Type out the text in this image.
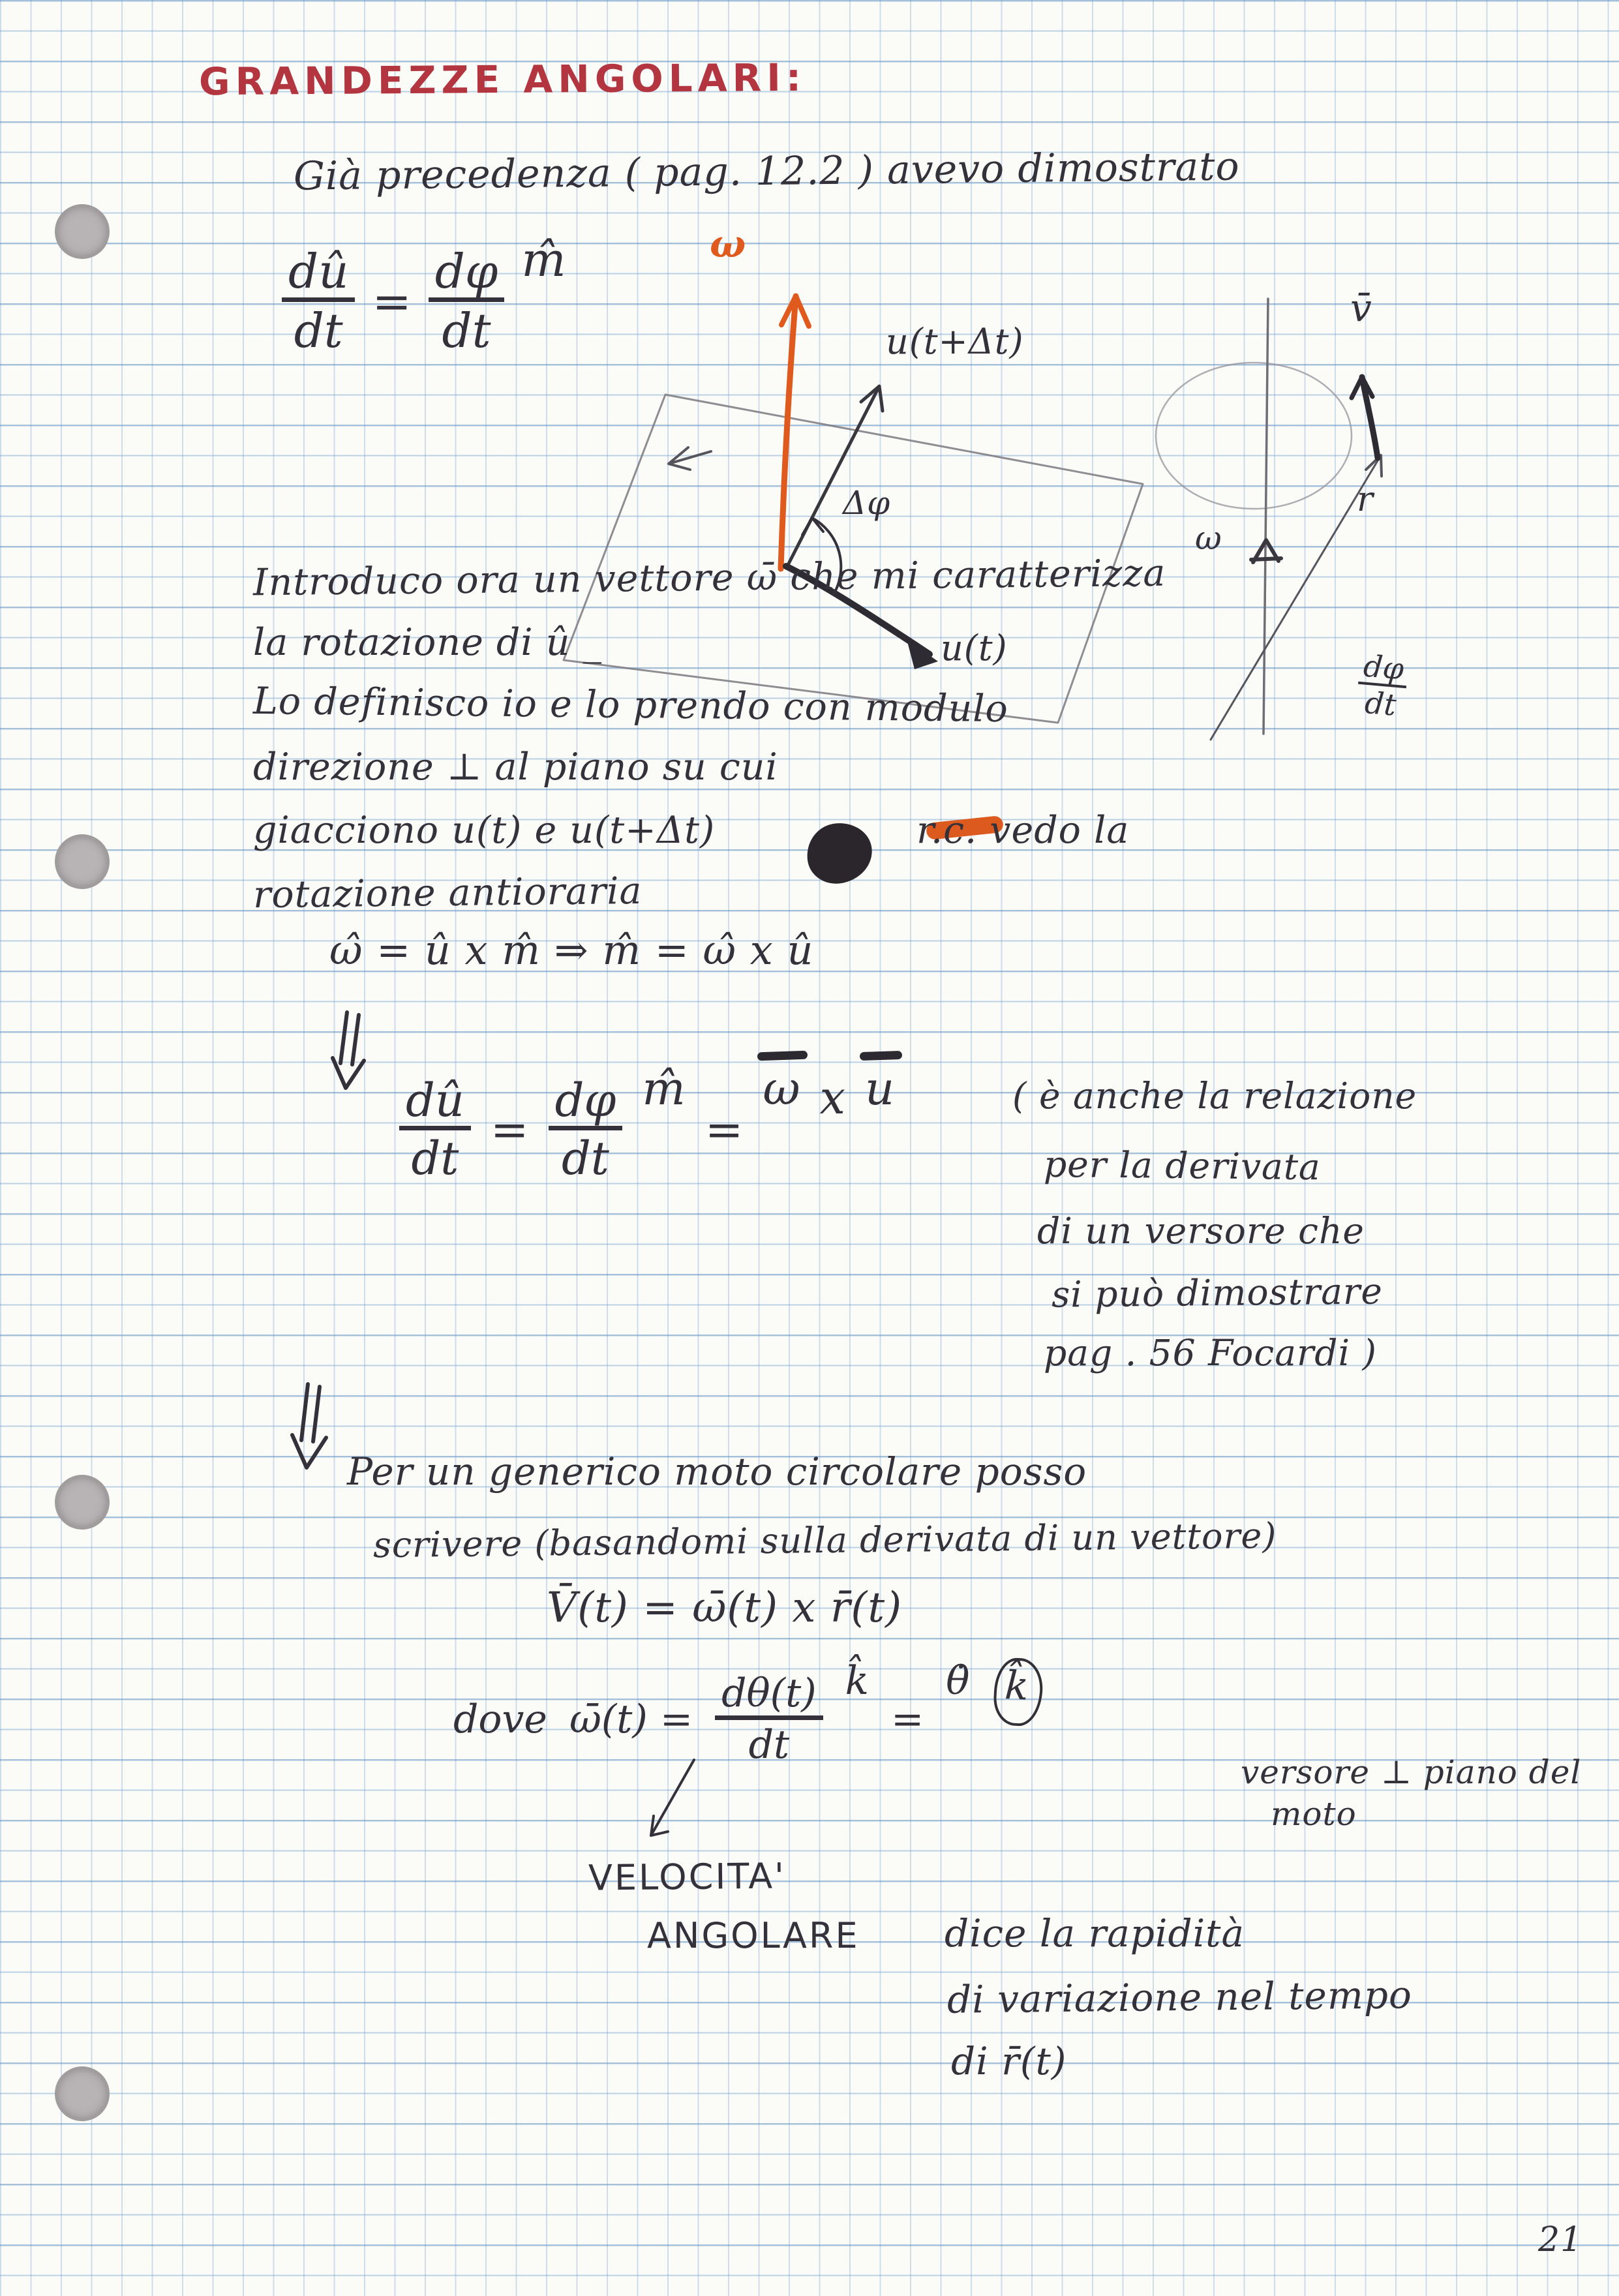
GRANDEZZE ANGOLARI:
Già precedenza ( pag. 12.2 ) avevo dimostrato
$\frac{dû}{dt} = \frac{d\varphi}{dt}$ m̂	ω
u(t+Δt)
Δφ
u(t)
v̄
r
ω
Introduco ora un vettore ω̄ che mi caratterizza
la rotazione di û _
Lo definisco io e lo prendo con modulo	$\frac{d\varphi}{dt}$
direzione ⊥ al piano su cui
giacciono u(t) e u(t+Δt)	r.c. vedo la
rotazione antioraria
ω̂ = û x m̂ ⇒ m̂ = ω̂ x û
$\frac{dû}{dt} = \frac{d\varphi}{dt}$ m̂
=
ω x u	( è anche la relazione
per la derivata
di un versore che
si può dimostrare
pag . 56 Focardi )
Per un generico moto circolare posso
scrivere (basandomi sulla derivata di un vettore)
V̄(t) = ω̄(t) x r̄(t)
dove ω̄(t) = $\frac{d\theta(t)}{dt}$ k̂
=
θ̇ k̂
versore ⊥ piano del
moto
VELOCITA'
ANGOLARE dice la rapidità
di variazione nel tempo
di r̄(t)
21
